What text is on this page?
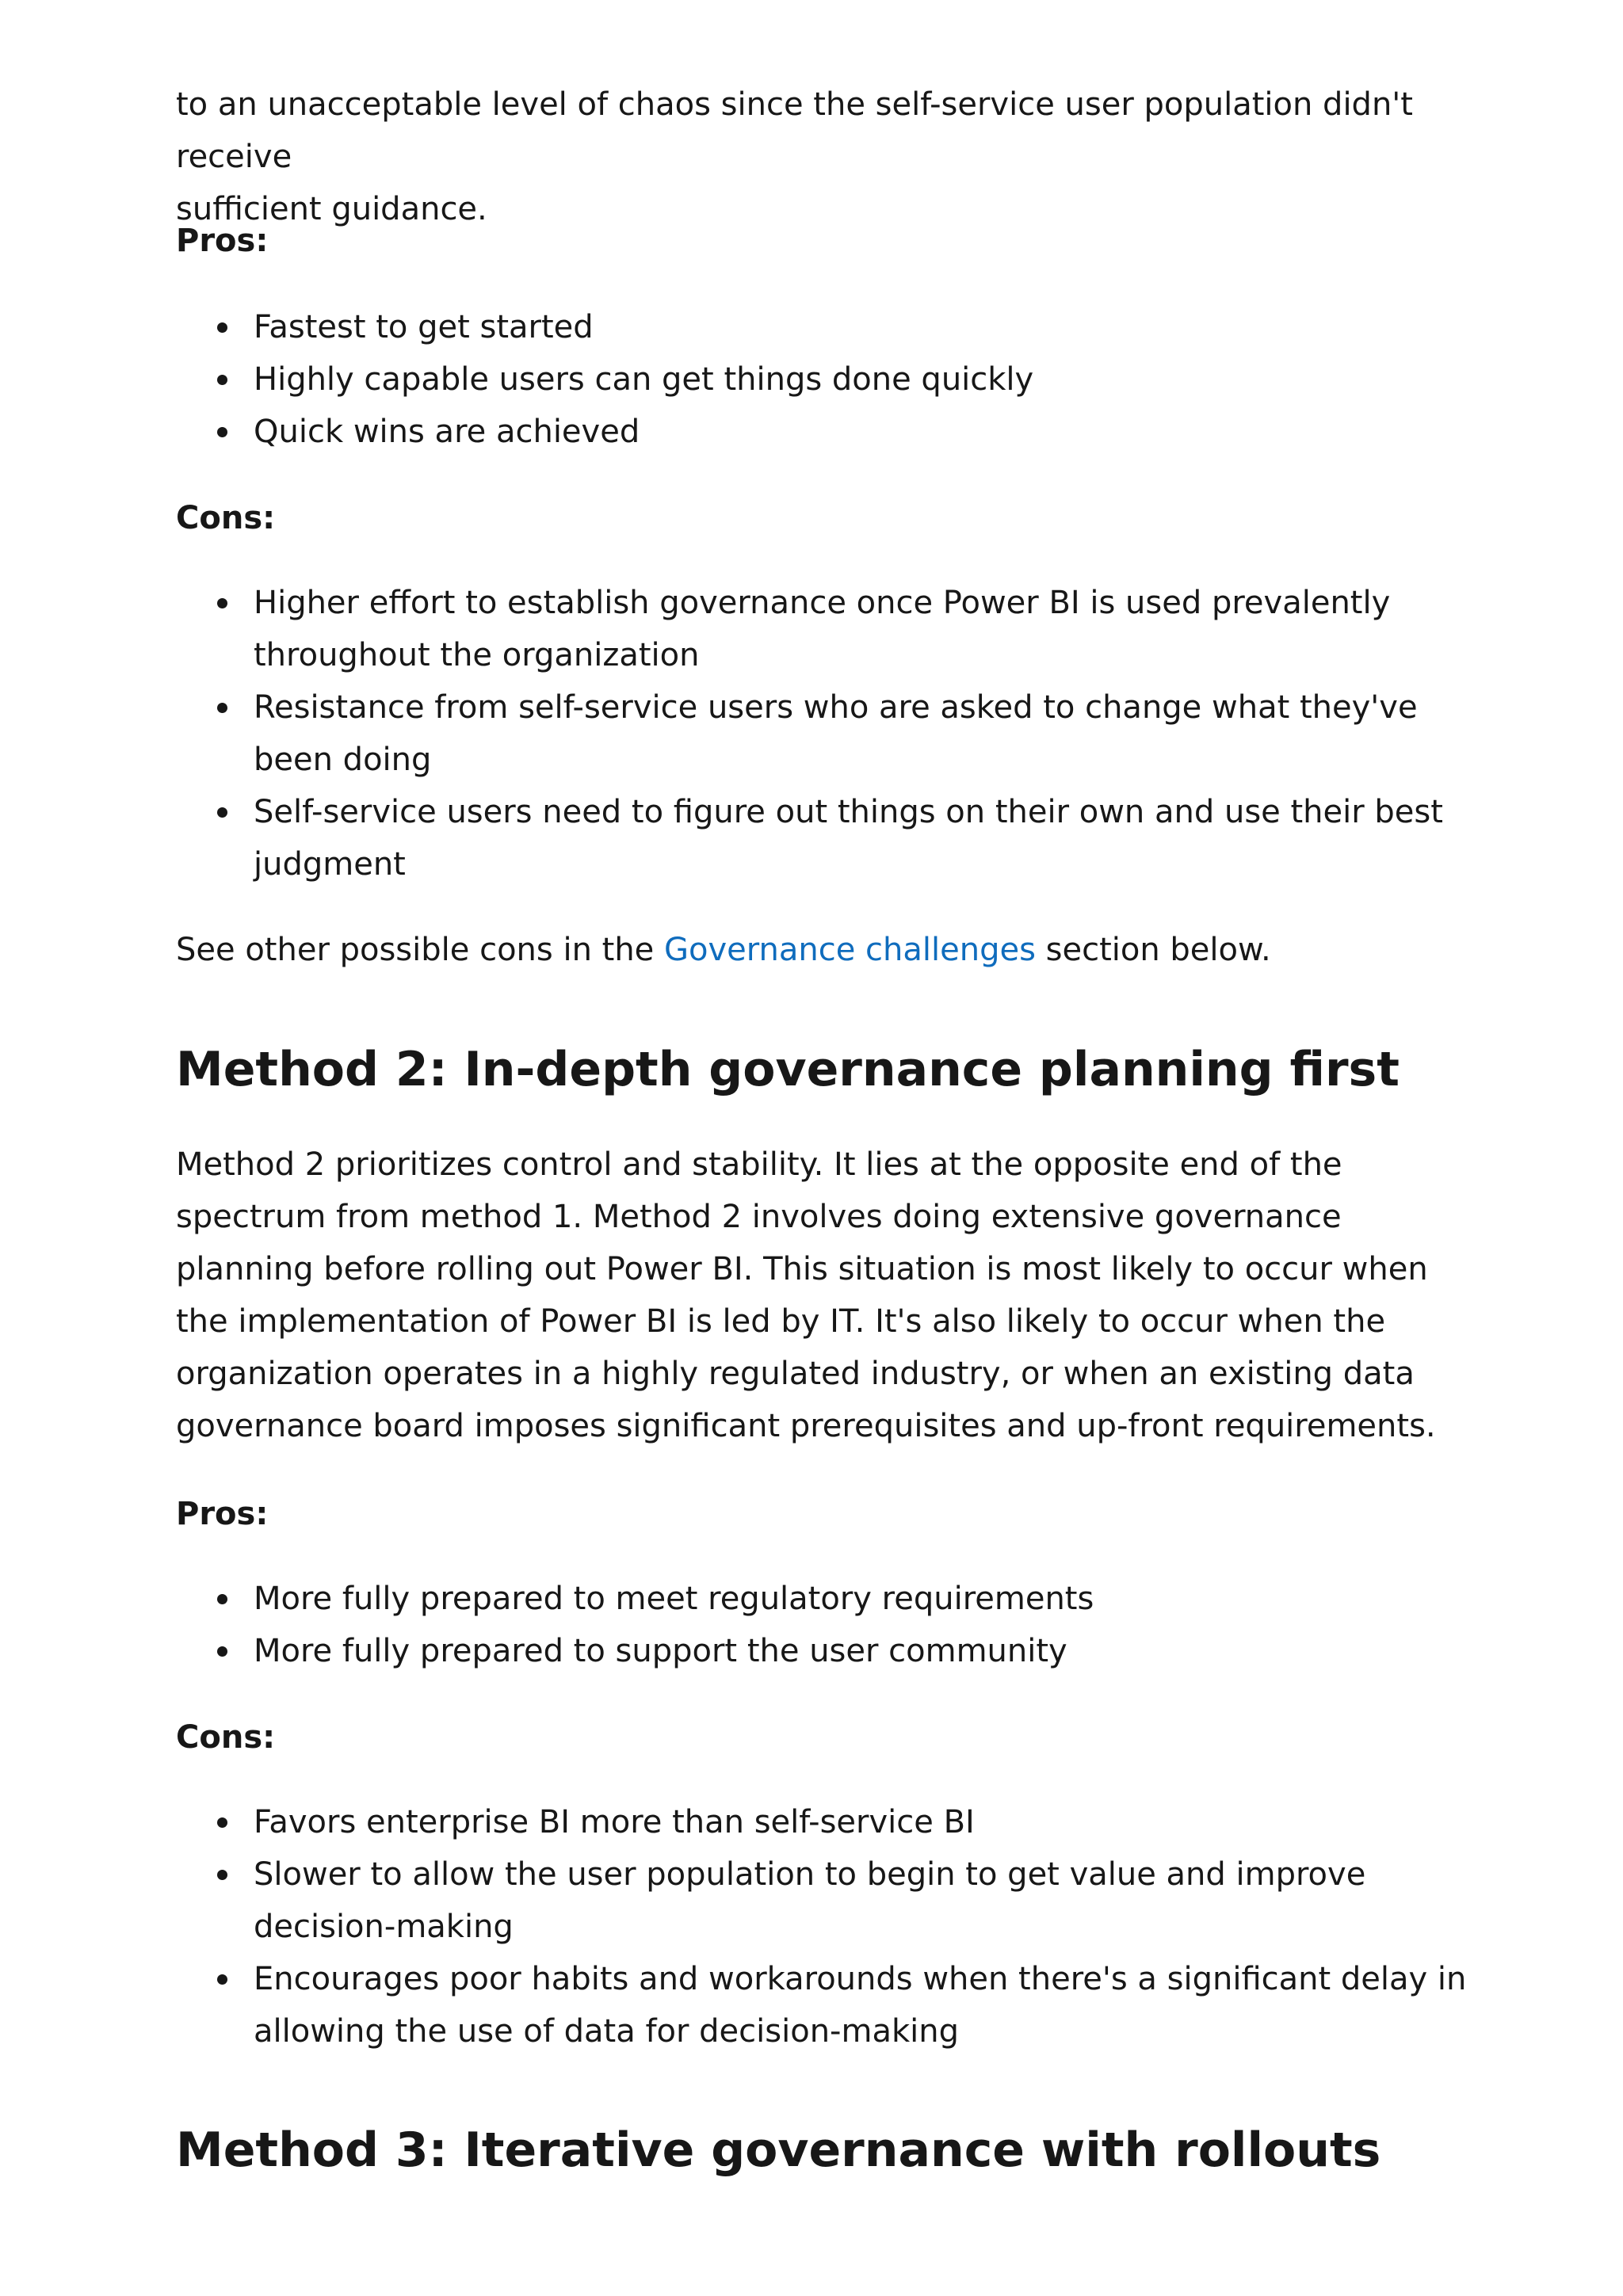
to an unacceptable level of chaos since the self-service user population didn't receive

sufficient guidance.

Pros:

Fastest to get started
Highly capable users can get things done quickly
Quick wins are achieved

Cons:

Higher effort to establish governance once Power BI is used prevalently throughout the organization
Resistance from self-service users who are asked to change what they've been doing
Self-service users need to figure out things on their own and use their best judgment

See other possible cons in the Governance challenges section below.

Method 2: In-depth governance planning first

Method 2 prioritizes control and stability. It lies at the opposite end of the spectrum from method 1. Method 2 involves doing extensive governance planning before rolling out Power BI. This situation is most likely to occur when the implementation of Power BI is led by IT. It's also likely to occur when the organization operates in a highly regulated industry, or when an existing data governance board imposes significant prerequisites and up-front requirements.

Pros:

More fully prepared to meet regulatory requirements
More fully prepared to support the user community

Cons:

Favors enterprise BI more than self-service BI
Slower to allow the user population to begin to get value and improve decision-making
Encourages poor habits and workarounds when there's a significant delay in allowing the use of data for decision-making
Method 3: Iterative governance with rollouts
